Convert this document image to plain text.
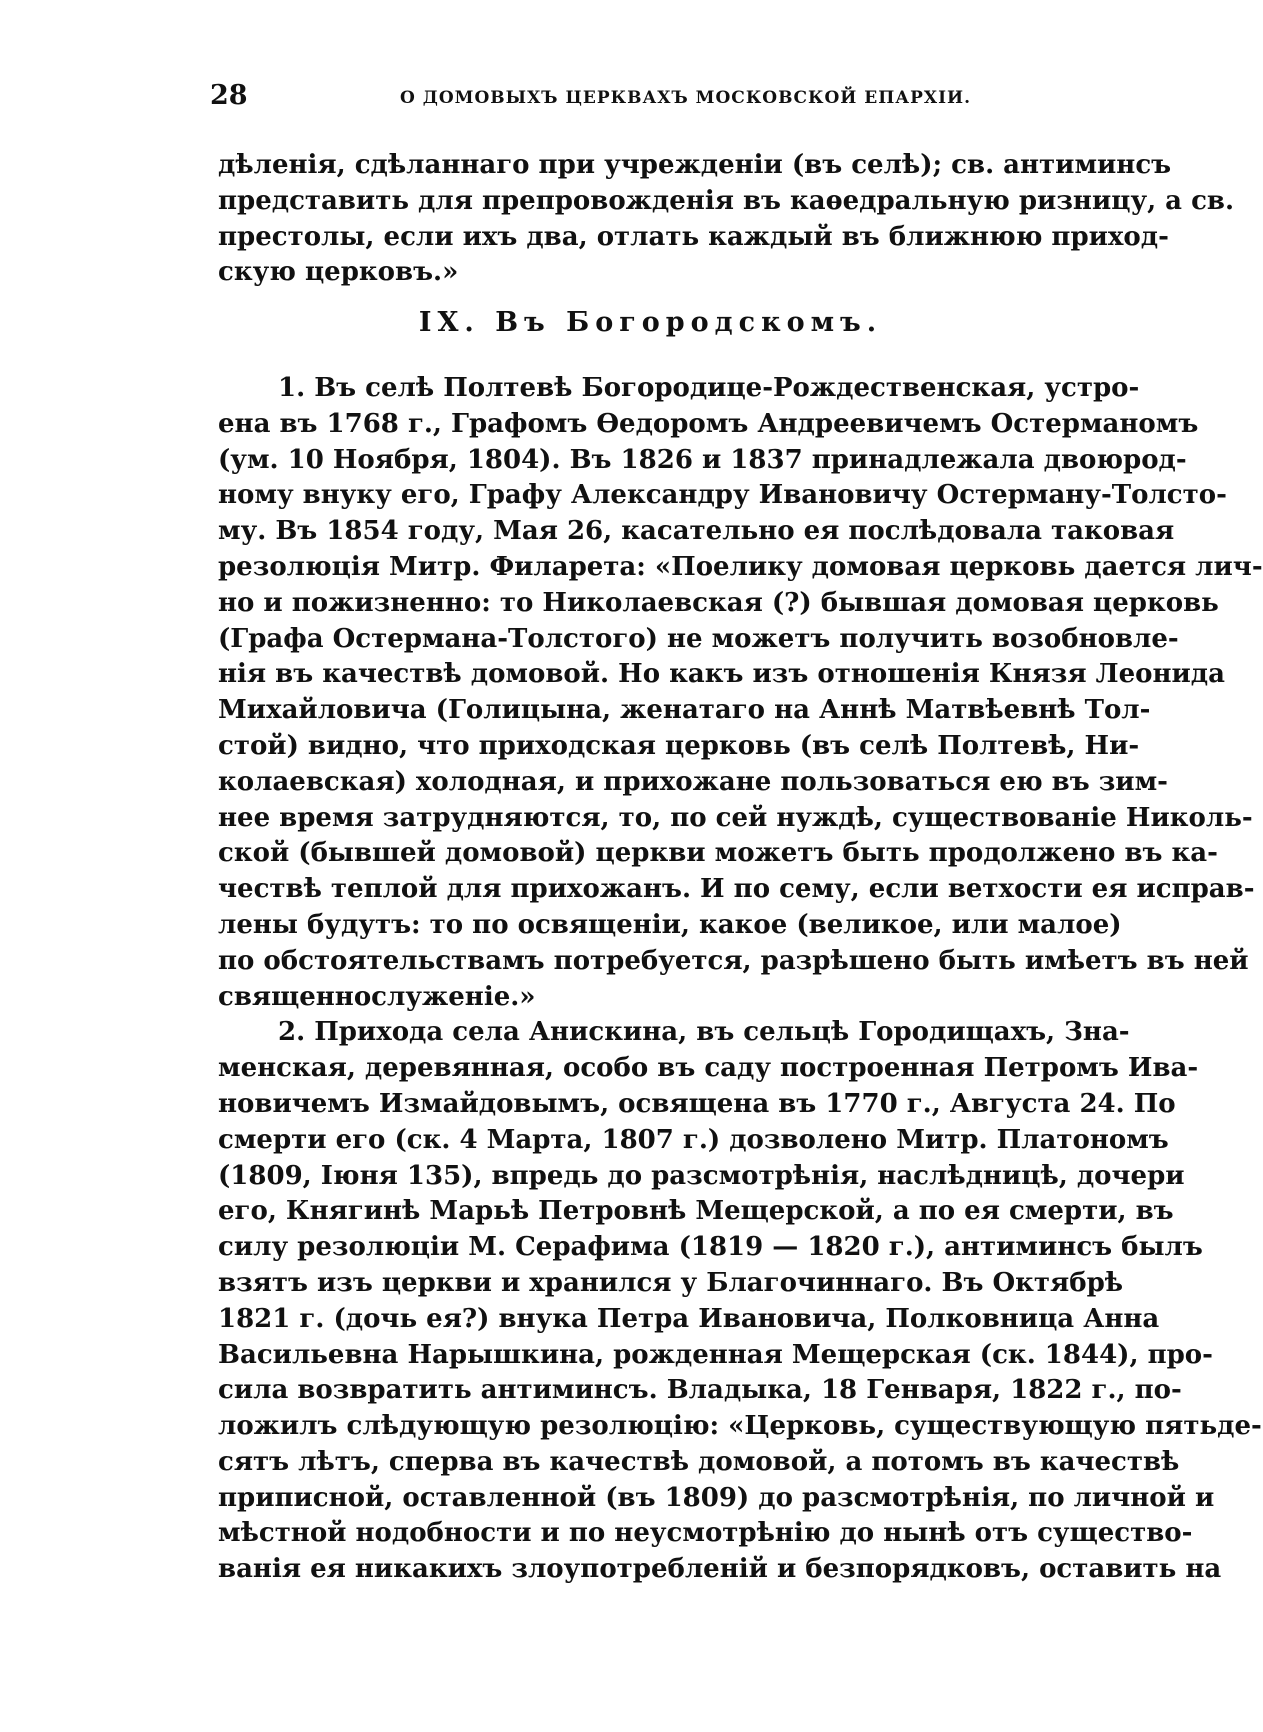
28	О ДОМОВЫХЪ ЦЕРКВАХЪ МОСКОВСКОЙ ЕПАРХІИ.
дѣленія, сдѣланнаго при учрежденіи (въ селѣ); св. антиминсъ
представить для препровожденія въ каѳедральную ризницу, а св.
престолы, если ихъ два, отлать каждый въ ближнюю приход-
скую церковъ.»
IX. Въ Богородскомъ.
1. Въ селѣ Полтевѣ Богородице-Рождественская, устро-
ена въ 1768 г., Графомъ Ѳедоромъ Андреевичемъ Остерманомъ
(ум. 10 Ноября, 1804). Въ 1826 и 1837 принадлежала двоюрод-
ному внуку его, Графу Александру Ивановичу Остерману-Толсто-
му. Въ 1854 году, Мая 26, касательно ея послѣдовала таковая
резолюція Митр. Филарета: «Поелику домовая церковь дается лич-
но и пожизненно: то Николаевская (?) бывшая домовая церковь
(Графа Остермана-Толстого) не можетъ получить возобновле-
нія въ качествѣ домовой. Но какъ изъ отношенія Князя Леонида
Михайловича (Голицына, женатаго на Аннѣ Матвѣевнѣ Тол-
стой) видно, что приходская церковь (въ селѣ Полтевѣ, Ни-
колаевская) холодная, и прихожане пользоваться ею въ зим-
нее время затрудняются, то, по сей нуждѣ, существованіе Николь-
ской (бывшей домовой) церкви можетъ быть продолжено въ ка-
чествѣ теплой для прихожанъ. И по сему, если ветхости ея исправ-
лены будутъ: то по освященіи, какое (великое, или малое)
по обстоятельствамъ потребуется, разрѣшено быть имѣетъ въ ней
священнослуженіе.»
2. Прихода села Анискина, въ сельцѣ Городищахъ, Зна-
менская, деревянная, особо въ саду построенная Петромъ Ива-
новичемъ Измайдовымъ, освящена въ 1770 г., Августа 24. По
смерти его (ск. 4 Марта, 1807 г.) дозволено Митр. Платономъ
(1809, Іюня 135), впредь до разсмотрѣнія, наслѣдницѣ, дочери
его, Княгинѣ Марьѣ Петровнѣ Мещерской, а по ея смерти, въ
силу резолюціи М. Серафима (1819 — 1820 г.), антиминсъ былъ
взятъ изъ церкви и хранился у Благочиннаго. Въ Октябрѣ
1821 г. (дочь ея?) внука Петра Ивановича, Полковница Анна
Васильевна Нарышкина, рожденная Мещерская (ск. 1844), про-
сила возвратить антиминсъ. Владыка, 18 Генваря, 1822 г., по-
ложилъ слѣдующую резолюцію: «Церковь, существующую пятьде-
сятъ лѣтъ, сперва въ качествѣ домовой, а потомъ въ качествѣ
приписной, оставленной (въ 1809) до разсмотрѣнія, по личной и
мѣстной нодобности и по неусмотрѣнію до нынѣ отъ существо-
ванія ея никакихъ злоупотребленій и безпорядковъ, оставить на
